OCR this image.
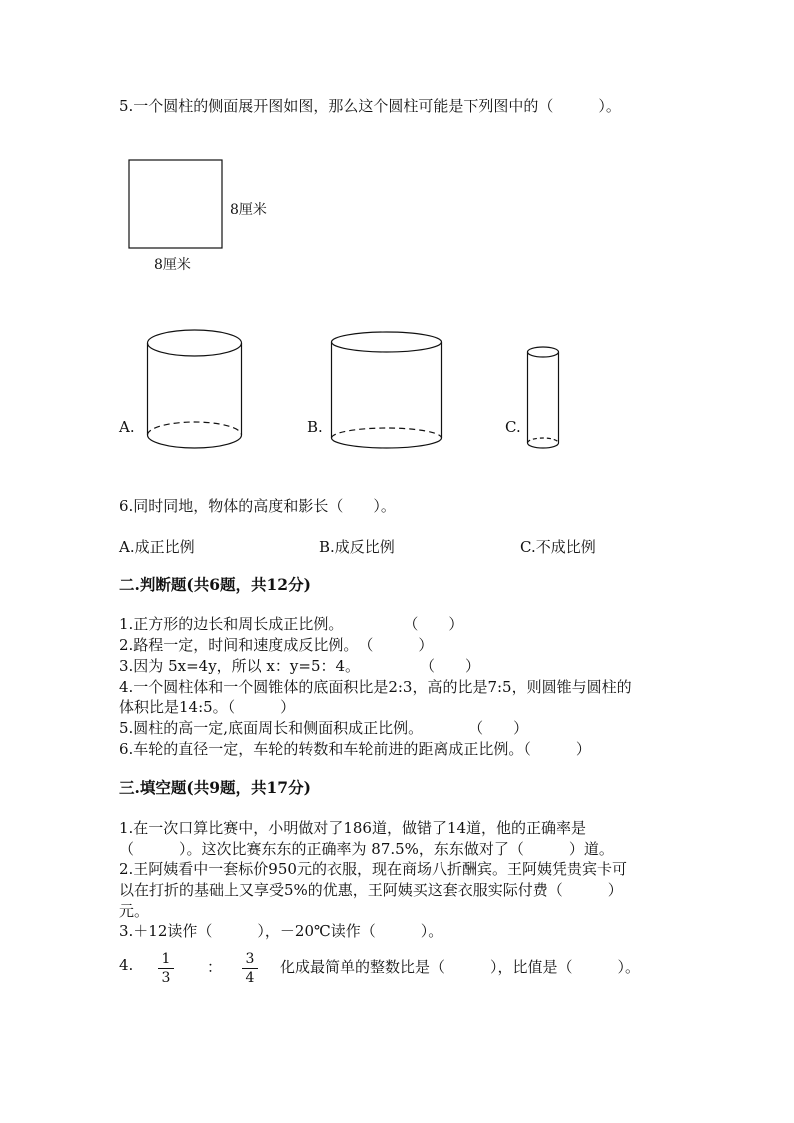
5.一个圆柱的侧面展开图如图，那么这个圆柱可能是下列图中的（　　　）。
8厘米
8厘米
A.	B.	C.
6.同时同地，物体的高度和影长（　　）。
A.成正比例	B.成反比例	C.不成比例
二.判断题(共6题，共12分)
1.正方形的边长和周长成正比例。　　　　　（　　）
2.路程一定，时间和速度成反比例。　（　　　）
3.因为 5x=4y，所以 x：y=5：4。　　　　　（　　）
4.一个圆柱体和一个圆锥体的底面积比是2:3，高的比是7:5，则圆锥与圆柱的
体积比是14:5。（　　　）
5.圆柱的高一定,底面周长和侧面积成正比例。　　　　（　　）
6.车轮的直径一定，车轮的转数和车轮前进的距离成正比例。（　　　）
三.填空题(共9题，共17分)
1.在一次口算比赛中，小明做对了186道，做错了14道，他的正确率是
（　　　）。这次比赛东东的正确率为 87.5%，东东做对了（　　　）道。
2.王阿姨看中一套标价950元的衣服，现在商场八折酬宾。王阿姨凭贵宾卡可
以在打折的基础上又享受5%的优惠，王阿姨买这套衣服实际付费（　　　）
元。
3.＋12读作（　　　），－20℃读作（　　　）。
4. 1
3
： 3
4
化成最简单的整数比是（　　　），比值是（　　　）。
